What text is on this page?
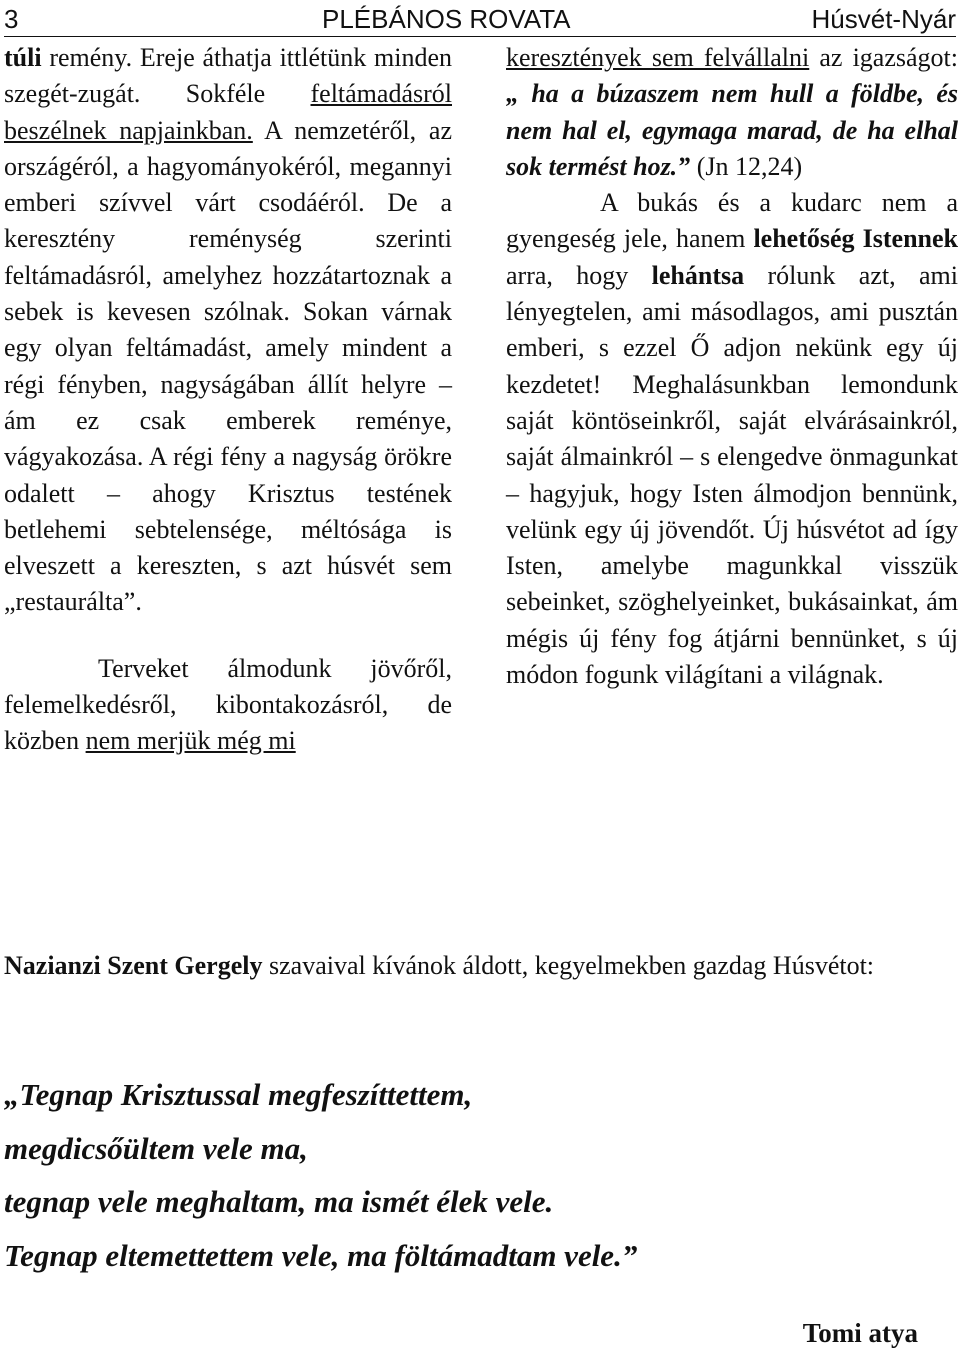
3	PLÉBÁNOS ROVATA	Húsvét-Nyár

túli remény. Ereje áthatja ittlétünk minden szegét-zugát. Sokféle feltámadásról beszélnek napjainkban. A nemzetéről, az országéról, a hagyományokéról, megannyi emberi szívvel várt csodáéról. De a keresztény reménység szerinti feltámadásról, amelyhez hozzátartoznak a sebek is kevesen szólnak. Sokan várnak egy olyan feltámadást, amely mindent a régi fényben, nagyságában állít helyre – ám ez csak emberek reménye, vágyakozása. A régi fény a nagyság örökre odalett – ahogy Krisztus testének betlehemi sebtelensége, méltósága is elveszett a kereszten, s azt húsvét sem „restaurálta”.

Terveket álmodunk jövőről, felemelkedésről, kibontakozásról, de közben nem merjük még mi

keresztények sem felvállalni az igazságot: „ ha a búzaszem nem hull a földbe, és nem hal el, egymaga marad, de ha elhal sok termést hoz.” (Jn 12,24)

A bukás és a kudarc nem a gyengeség jele, hanem lehetőség Istennek arra, hogy lehántsa rólunk azt, ami lényegtelen, ami másodlagos, ami pusztán emberi, s ezzel Ő adjon nekünk egy új kezdetet! Meghalásunkban lemondunk saját köntöseinkről, saját elvárásainkról, saját álmainkról – s elengedve önmagunkat – hagyjuk, hogy Isten álmodjon bennünk, velünk egy új jövendőt. Új húsvétot ad így Isten, amelybe magunkkal visszük sebeinket, szöghelyeinket, bukásainkat, ám mégis új fény fog átjárni bennünket, s új módon fogunk világítani a világnak.

Nazianzi Szent Gergely szavaival kívánok áldott, kegyelmekben gazdag Húsvétot:

„Tegnap Krisztussal megfeszíttettem,
megdicsőültem vele ma,
tegnap vele meghaltam, ma ismét élek vele.
Tegnap eltemettettem vele, ma föltámadtam vele.”
Tomi atya
